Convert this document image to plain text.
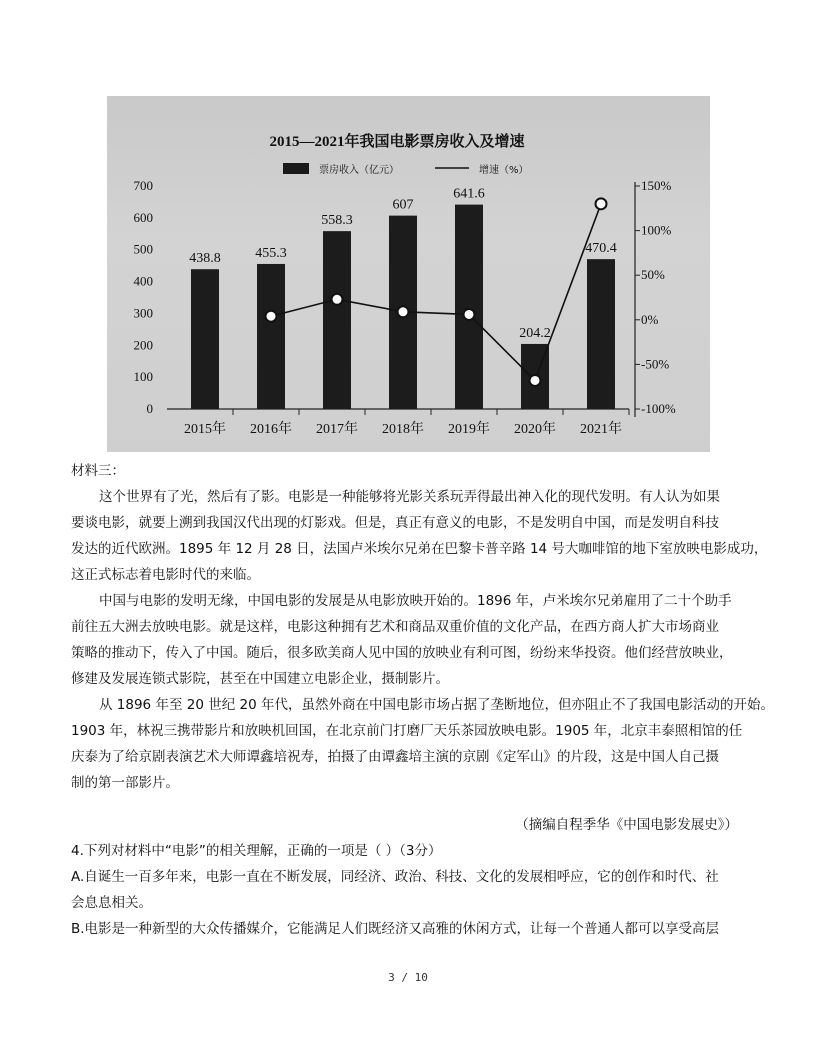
2015—2021年我国电影票房收入及增速
票房收入（亿元）	增速（%）
0
100
200
300
400
500
600
700
-100%
-50%
0%
50%
100%
150%
438.8
2015年
455.3
2016年
558.3
2017年
607
2018年
641.6
2019年
204.2
2020年
470.4
2021年
材料三：
这个世界有了光，然后有了影。电影是一种能够将光影关系玩弄得最出神入化的现代发明。有人认为如果
要谈电影，就要上溯到我国汉代出现的灯影戏。但是，真正有意义的电影，不是发明自中国，而是发明自科技
发达的近代欧洲。1895 年 12 月 28 日，法国卢米埃尔兄弟在巴黎卡普辛路 14 号大咖啡馆的地下室放映电影成功，
这正式标志着电影时代的来临。
中国与电影的发明无缘，中国电影的发展是从电影放映开始的。1896 年，卢米埃尔兄弟雇用了二十个助手
前往五大洲去放映电影。就是这样，电影这种拥有艺术和商品双重价值的文化产品，在西方商人扩大市场商业
策略的推动下，传入了中国。随后，很多欧美商人见中国的放映业有利可图，纷纷来华投资。他们经营放映业，
修建及发展连锁式影院，甚至在中国建立电影企业，摄制影片。
从 1896 年至 20 世纪 20 年代，虽然外商在中国电影市场占据了垄断地位，但亦阻止不了我国电影活动的开始。
1903 年，林祝三携带影片和放映机回国，在北京前门打磨厂天乐茶园放映电影。1905 年，北京丰泰照相馆的任
庆泰为了给京剧表演艺术大师谭鑫培祝寿，拍摄了由谭鑫培主演的京剧《定军山》的片段，这是中国人自己摄
制的第一部影片。
（摘编自程季华《中国电影发展史》）
4.下列对材料中“电影”的相关理解，正确的一项是（ ）（3分）
A.自诞生一百多年来，电影一直在不断发展，同经济、政治、科技、文化的发展相呼应，它的创作和时代、社
会息息相关。
B.电影是一种新型的大众传播媒介，它能满足人们既经济又高雅的休闲方式，让每一个普通人都可以享受高层
3 / 10
